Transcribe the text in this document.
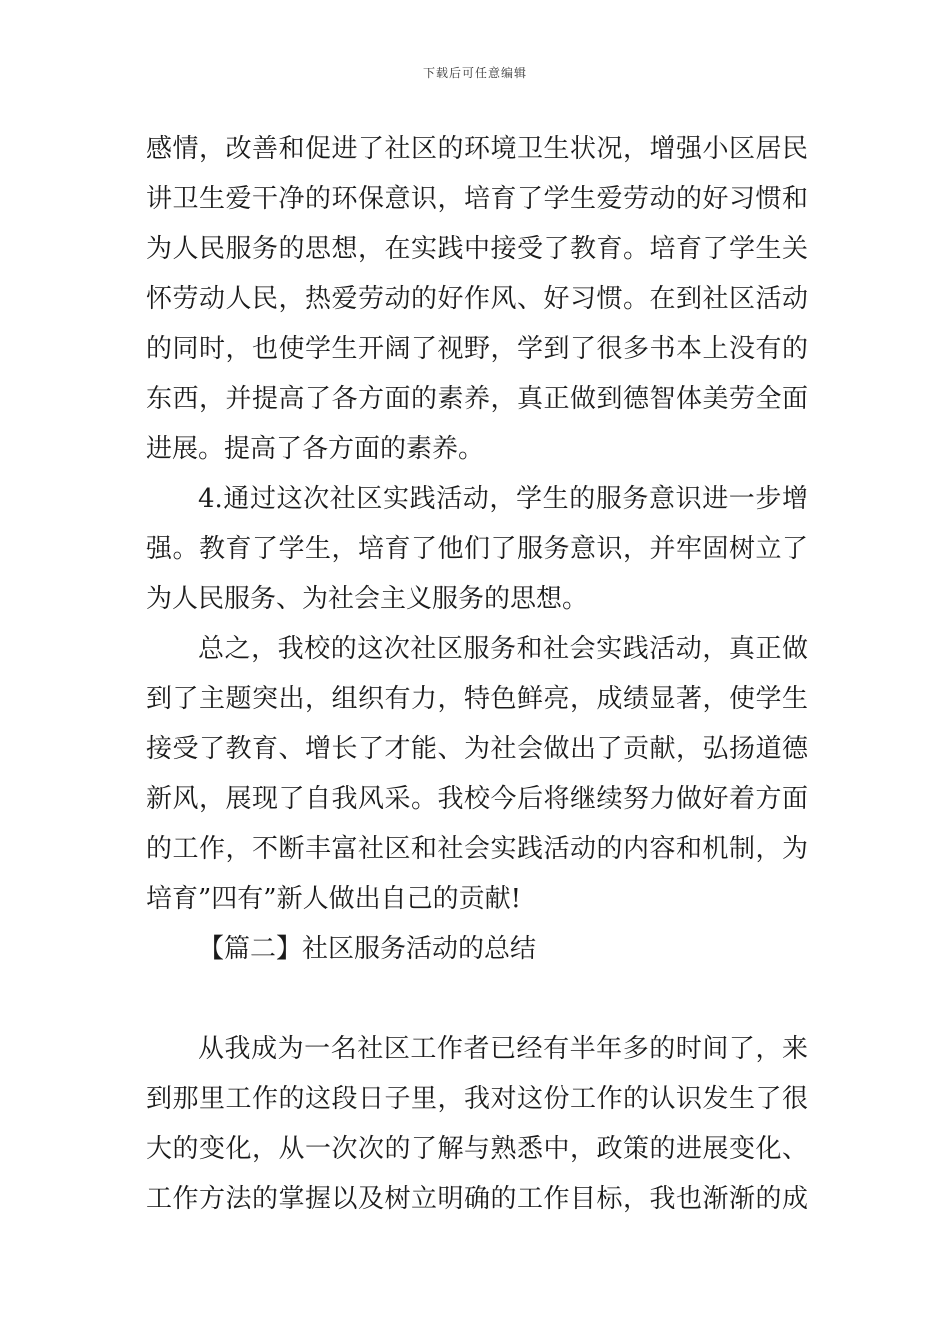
下载后可任意编辑
感情，改善和促进了社区的环境卫生状况，增强小区居民
讲卫生爱干净的环保意识，培育了学生爱劳动的好习惯和
为人民服务的思想，在实践中接受了教育。培育了学生关
怀劳动人民，热爱劳动的好作风、好习惯。在到社区活动
的同时，也使学生开阔了视野，学到了很多书本上没有的
东西，并提高了各方面的素养，真正做到德智体美劳全面
进展。提高了各方面的素养。
4.通过这次社区实践活动，学生的服务意识进一步增
强。教育了学生，培育了他们了服务意识，并牢固树立了
为人民服务、为社会主义服务的思想。
总之，我校的这次社区服务和社会实践活动，真正做
到了主题突出，组织有力，特色鲜亮，成绩显著，使学生
接受了教育、增长了才能、为社会做出了贡献，弘扬道德
新风，展现了自我风采。我校今后将继续努力做好着方面
的工作，不断丰富社区和社会实践活动的内容和机制，为
培育”四有”新人做出自己的贡献!
【篇二】社区服务活动的总结
从我成为一名社区工作者已经有半年多的时间了，来
到那里工作的这段日子里，我对这份工作的认识发生了很
大的变化，从一次次的了解与熟悉中，政策的进展变化、
工作方法的掌握以及树立明确的工作目标，我也渐渐的成
